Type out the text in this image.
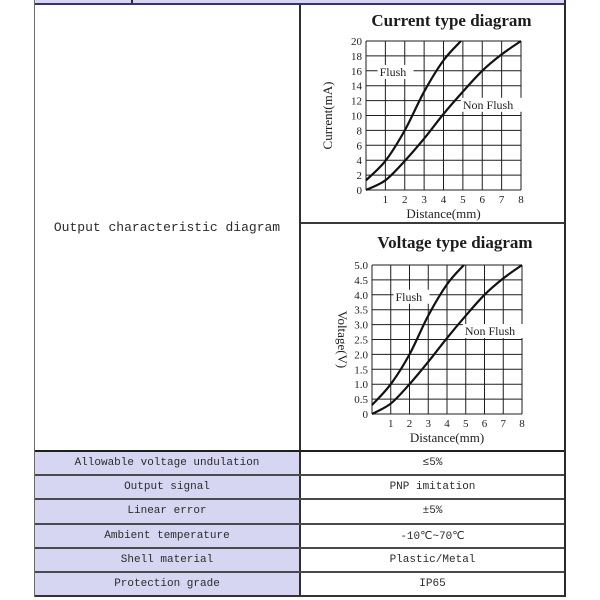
Output characteristic diagram
1 2 3 4 5 6 7 8
0
2
4
6
8
10
12
14
16
18
20
Flush
Non Flush
Current type diagram
Distance(mm)
Current(mA)
1 2 3 4 5 6 7 8
0
0.5
1.0
1.5
2.0
2.5
3.0
3.5
4.0
4.5
5.0
Flush
Non Flush
Voltage type diagram
Distance(mm)
Voltage(V)
Allowable voltage undulation	≤5%
Output signal	PNP imitation
Linear error	±5%
Ambient temperature	-10℃~70℃
Shell material	Plastic/Metal
Protection grade	IP65
